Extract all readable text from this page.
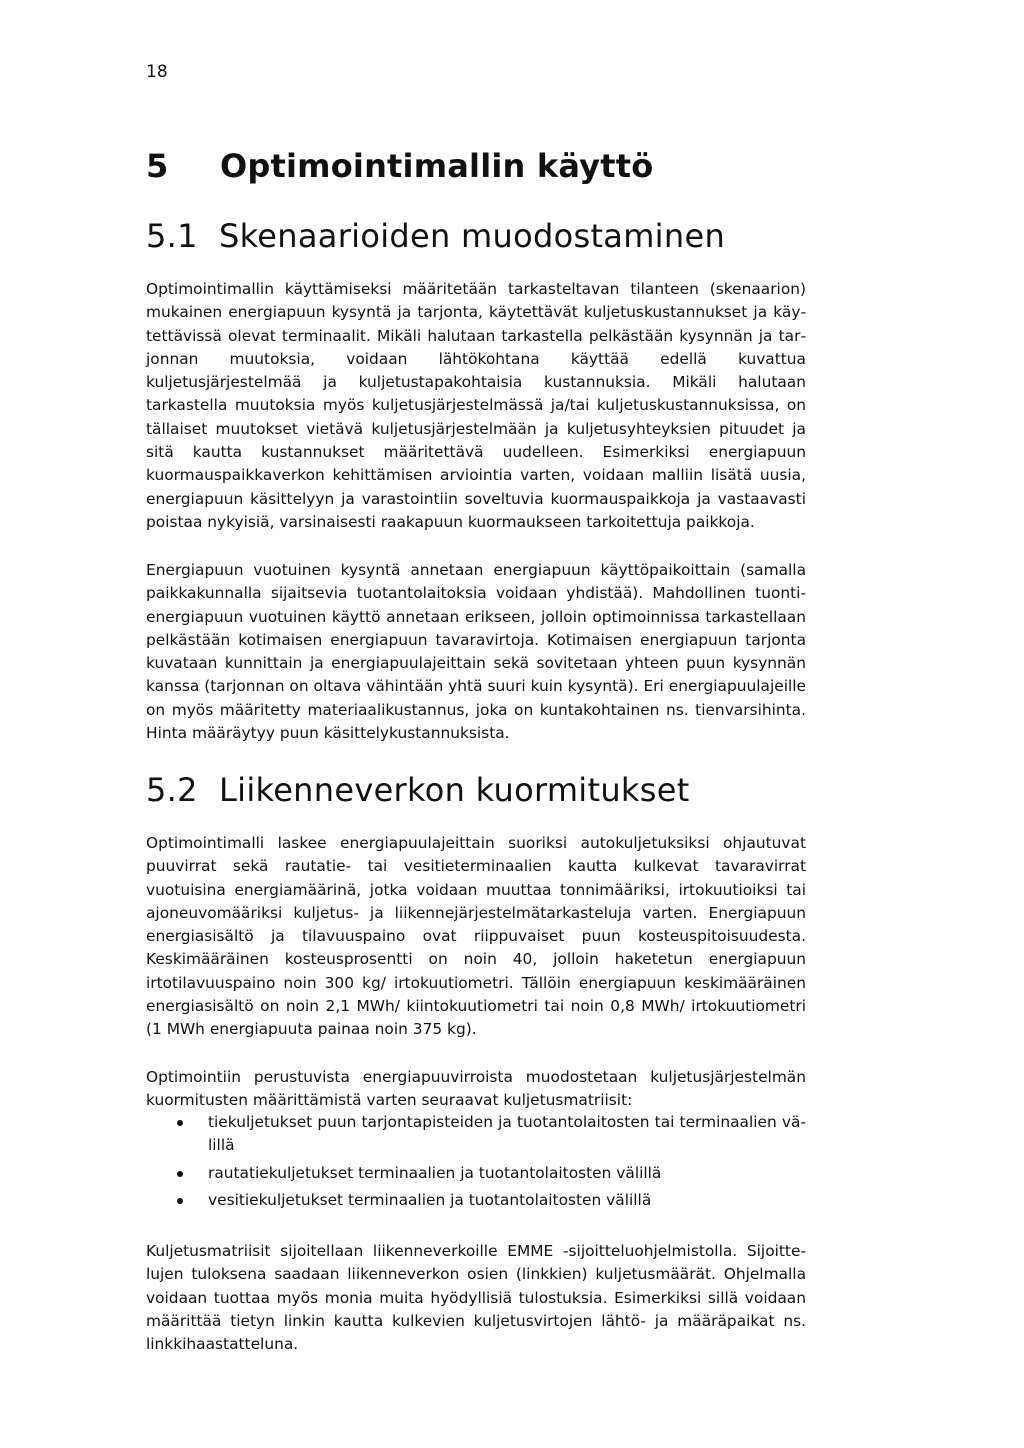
18
5 Optimointimallin käyttö
5.1 Skenaarioiden muodostaminen

Optimointimallin käyttämiseksi määritetään tarkasteltavan tilanteen (skenaarion) mukainen energiapuun kysyntä ja tarjonta, käytettävät kuljetuskustannukset ja käytettävissä olevat terminaalit. Mikäli halutaan tarkastella pelkästään kysynnän ja tarjonnan muutoksia, voidaan lähtökohtana käyttää edellä kuvattua kuljetusjärjestelmää ja kuljetustapakohtaisia kustannuksia. Mikäli halutaan tarkastella muutoksia myös kuljetusjärjestelmässä ja/tai kuljetuskustannuksissa, on tällaiset muutokset vietävä kuljetusjärjestelmään ja kuljetusyhteyksien pituudet ja sitä kautta kustannukset määritettävä uudelleen. Esimerkiksi energiapuun kuormauspaikkaverkon kehittämisen arviointia varten, voidaan malliin lisätä uusia, energiapuun käsittelyyn ja varastointiin soveltuvia kuormauspaikkoja ja vastaavasti poistaa nykyisiä, varsinaisesti raakapuun kuormaukseen tarkoitettuja paikkoja.

Energiapuun vuotuinen kysyntä annetaan energiapuun käyttöpaikoittain (samalla paikkakunnalla sijaitsevia tuotantolaitoksia voidaan yhdistää). Mahdollinen tuontienergiapuun vuotuinen käyttö annetaan erikseen, jolloin optimoinnissa tarkastellaan pelkästään kotimaisen energiapuun tavaravirtoja. Kotimaisen energiapuun tarjonta kuvataan kunnittain ja energiapuulajeittain sekä sovitetaan yhteen puun kysynnän kanssa (tarjonnan on oltava vähintään yhtä suuri kuin kysyntä). Eri energiapuulajeille on myös määritetty materiaalikustannus, joka on kuntakohtainen ns. tienvarsihinta. Hinta määräytyy puun käsittelykustannuksista.

5.2 Liikenneverkon kuormitukset

Optimointimalli laskee energiapuulajeittain suoriksi autokuljetuksiksi ohjautuvat puuvirrat sekä rautatie- tai vesitieterminaalien kautta kulkevat tavaravirrat vuotuisina energiamäärinä, jotka voidaan muuttaa tonnimääriksi, irtokuutioiksi tai ajoneuvomääriksi kuljetus- ja liikennejärjestelmätarkasteluja varten. Energiapuun energiasisältö ja tilavuuspaino ovat riippuvaiset puun kosteuspitoisuudesta. Keskimääräinen kosteusprosentti on noin 40, jolloin haketetun energiapuun irtotilavuuspaino noin 300 kg/ irtokuutiometri. Tällöin energiapuun keskimääräinen energiasisältö on noin 2,1 MWh/ kiintokuutiometri tai noin 0,8 MWh/ irtokuutiometri (1 MWh energiapuuta painaa noin 375 kg).

Optimointiin perustuvista energiapuuvirroista muodostetaan kuljetusjärjestelmän kuormitusten määrittämistä varten seuraavat kuljetusmatriisit:

tiekuljetukset puun tarjontapisteiden ja tuotantolaitosten tai terminaalien välillä
rautatiekuljetukset terminaalien ja tuotantolaitosten välillä
vesitiekuljetukset terminaalien ja tuotantolaitosten välillä

Kuljetusmatriisit sijoitellaan liikenneverkoille EMME -sijoitteluohjelmistolla. Sijoittelujen tuloksena saadaan liikenneverkon osien (linkkien) kuljetusmäärät. Ohjelmalla voidaan tuottaa myös monia muita hyödyllisiä tulostuksia. Esimerkiksi sillä voidaan määrittää tietyn linkin kautta kulkevien kuljetusvirtojen lähtö- ja määräpaikat ns. linkkihaastatteluna.
